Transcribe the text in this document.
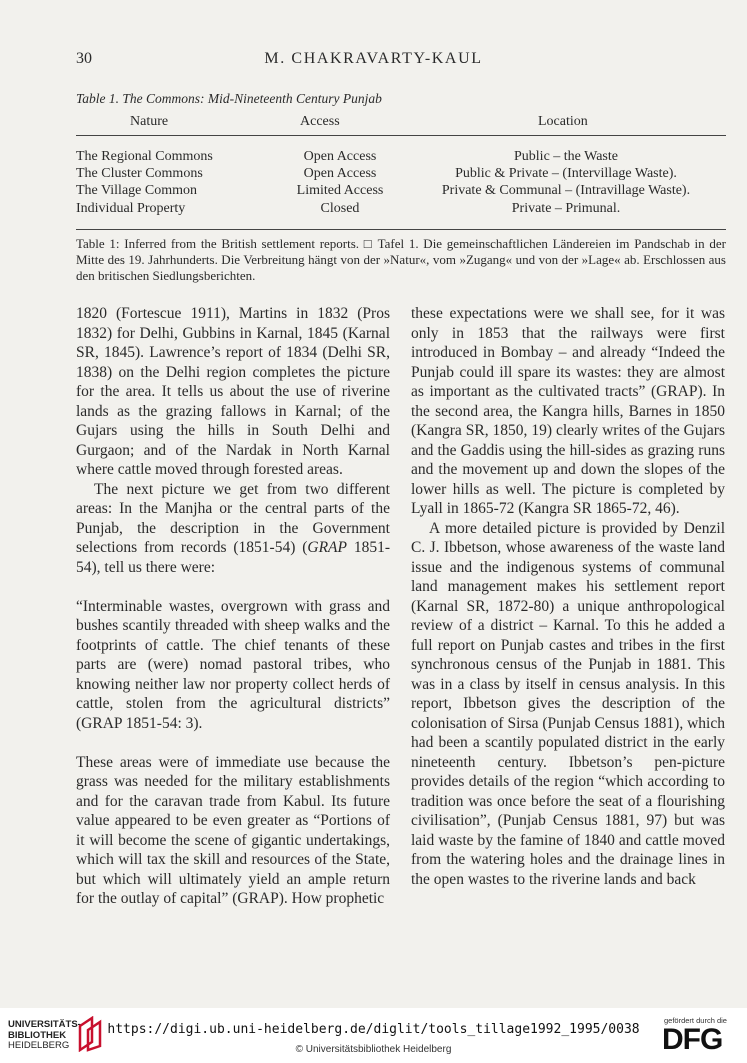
30	M. CHAKRAVARTY-KAUL
Table 1. The Commons: Mid-Nineteenth Century Punjab
Nature	Access	Location
The Regional Commons	Open Access	Public – the Waste
The Cluster Commons	Open Access	Public & Private – (Intervillage Waste).
The Village Common	Limited Access	Private & Communal – (Intravillage Waste).
Individual Property	Closed	Private – Primunal.
Table 1: Inferred from the British settlement reports. □ Tafel 1. Die gemeinschaftlichen Ländereien im Pandschab in der Mitte des 19. Jahrhunderts. Die Verbreitung hängt von der »Natur«, vom »Zugang« und von der »Lage« ab. Erschlossen aus den britischen Siedlungsberichten.

1820 (Fortescue 1911), Martins in 1832 (Pros 1832) for Delhi, Gubbins in Karnal, 1845 (Karnal SR, 1845). Lawrence’s report of 1834 (Delhi SR, 1838) on the Delhi region completes the picture for the area. It tells us about the use of riverine lands as the grazing fallows in Karnal; of the Gujars using the hills in South Delhi and Gurgaon; and of the Nardak in North Karnal where cattle moved through forested areas.

The next picture we get from two different areas: In the Manjha or the central parts of the Punjab, the description in the Government selections from records (1851-54) (GRAP 1851-54), tell us there were:

“Interminable wastes, overgrown with grass and bushes scantily threaded with sheep walks and the footprints of cattle. The chief tenants of these parts are (were) nomad pastoral tribes, who knowing neither law nor property collect herds of cattle, stolen from the agricultural districts” (GRAP 1851-54: 3).

These areas were of immediate use because the grass was needed for the military establishments and for the caravan trade from Kabul. Its future value appeared to be even greater as “Portions of it will become the scene of gigantic undertakings, which will tax the skill and resources of the State, but which will ultimately yield an ample return for the outlay of capital” (GRAP). How prophetic

these expectations were we shall see, for it was only in 1853 that the railways were first introduced in Bombay – and already “Indeed the Punjab could ill spare its wastes: they are almost as important as the cultivated tracts” (GRAP). In the second area, the Kangra hills, Barnes in 1850 (Kangra SR, 1850, 19) clearly writes of the Gujars and the Gaddis using the hill-sides as grazing runs and the movement up and down the slopes of the lower hills as well. The picture is completed by Lyall in 1865-72 (Kangra SR 1865-72, 46).

A more detailed picture is provided by Denzil C. J. Ibbetson, whose awareness of the waste land issue and the indigenous systems of communal land management makes his settlement report (Karnal SR, 1872-80) a unique anthropological review of a district – Karnal. To this he added a full report on Punjab castes and tribes in the first synchronous census of the Punjab in 1881. This was in a class by itself in census analysis. In this report, Ibbetson gives the description of the colonisation of Sirsa (Punjab Census 1881), which had been a scantily populated district in the early nineteenth century. Ibbetson’s pen-picture provides details of the region “which according to tradition was once before the seat of a flourishing civilisation”, (Punjab Census 1881, 97) but was laid waste by the famine of 1840 and cattle moved from the watering holes and the drainage lines in the open wastes to the riverine lands and back

UNIVERSITÄTS-
BIBLIOTHEK
HEIDELBERG
https://digi.ub.uni-heidelberg.de/diglit/tools_tillage1992_1995/0038
© Universitätsbibliothek Heidelberg
gefördert durch die
DFG
